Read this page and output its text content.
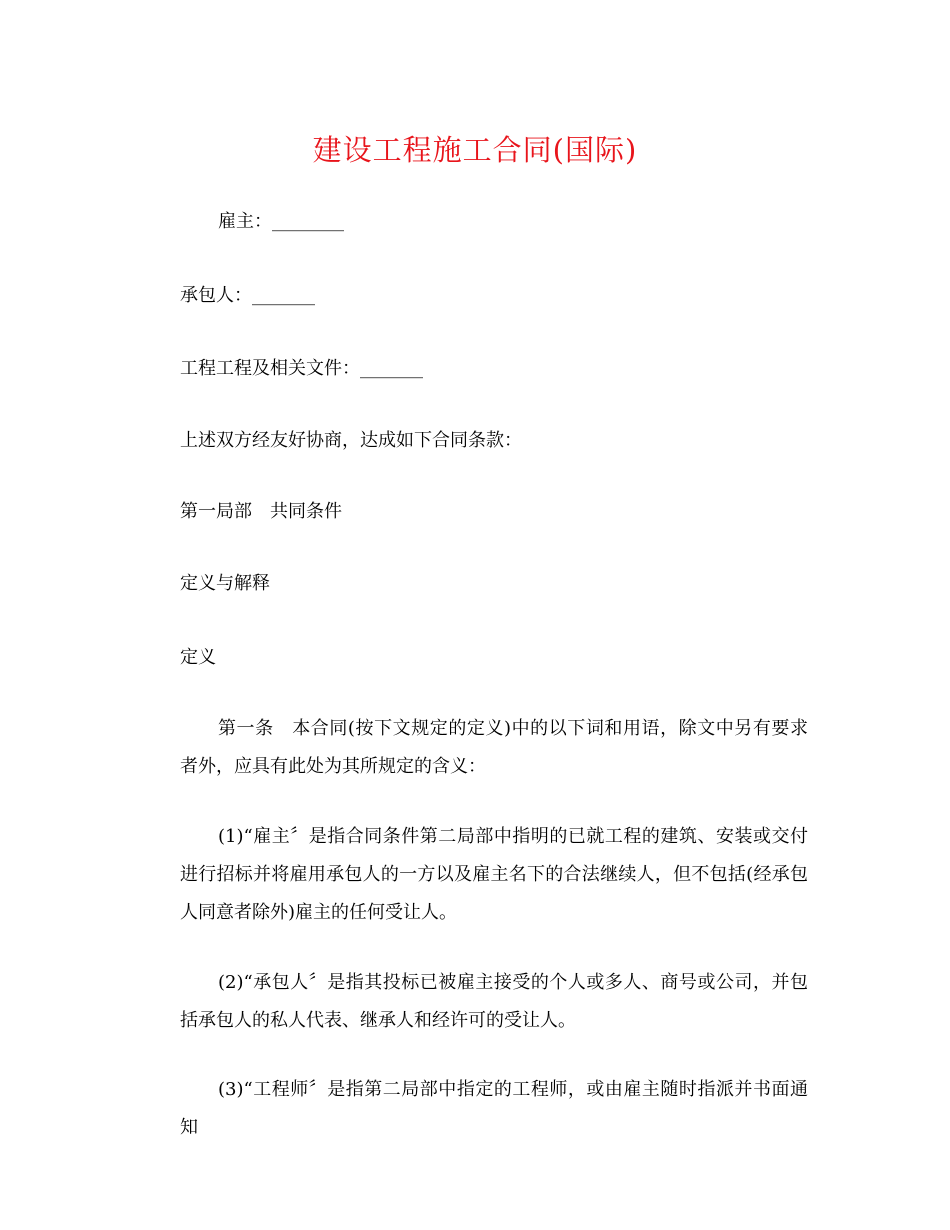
建设工程施工合同(国际)
雇主：________
承包人：_______
工程工程及相关文件：_______
上述双方经友好协商，达成如下合同条款：
第一局部　共同条件
定义与解释
定义
第一条　本合同(按下文规定的定义)中的以下词和用语，除文中另有要求者外，应具有此处为其所规定的含义：
(1)“雇主〞是指合同条件第二局部中指明的已就工程的建筑、安装或交付进行招标并将雇用承包人的一方以及雇主名下的合法继续人，但不包括(经承包人同意者除外)雇主的任何受让人。
(2)“承包人〞是指其投标已被雇主接受的个人或多人、商号或公司，并包括承包人的私人代表、继承人和经许可的受让人。
(3)“工程师〞是指第二局部中指定的工程师，或由雇主随时指派并书面通知
